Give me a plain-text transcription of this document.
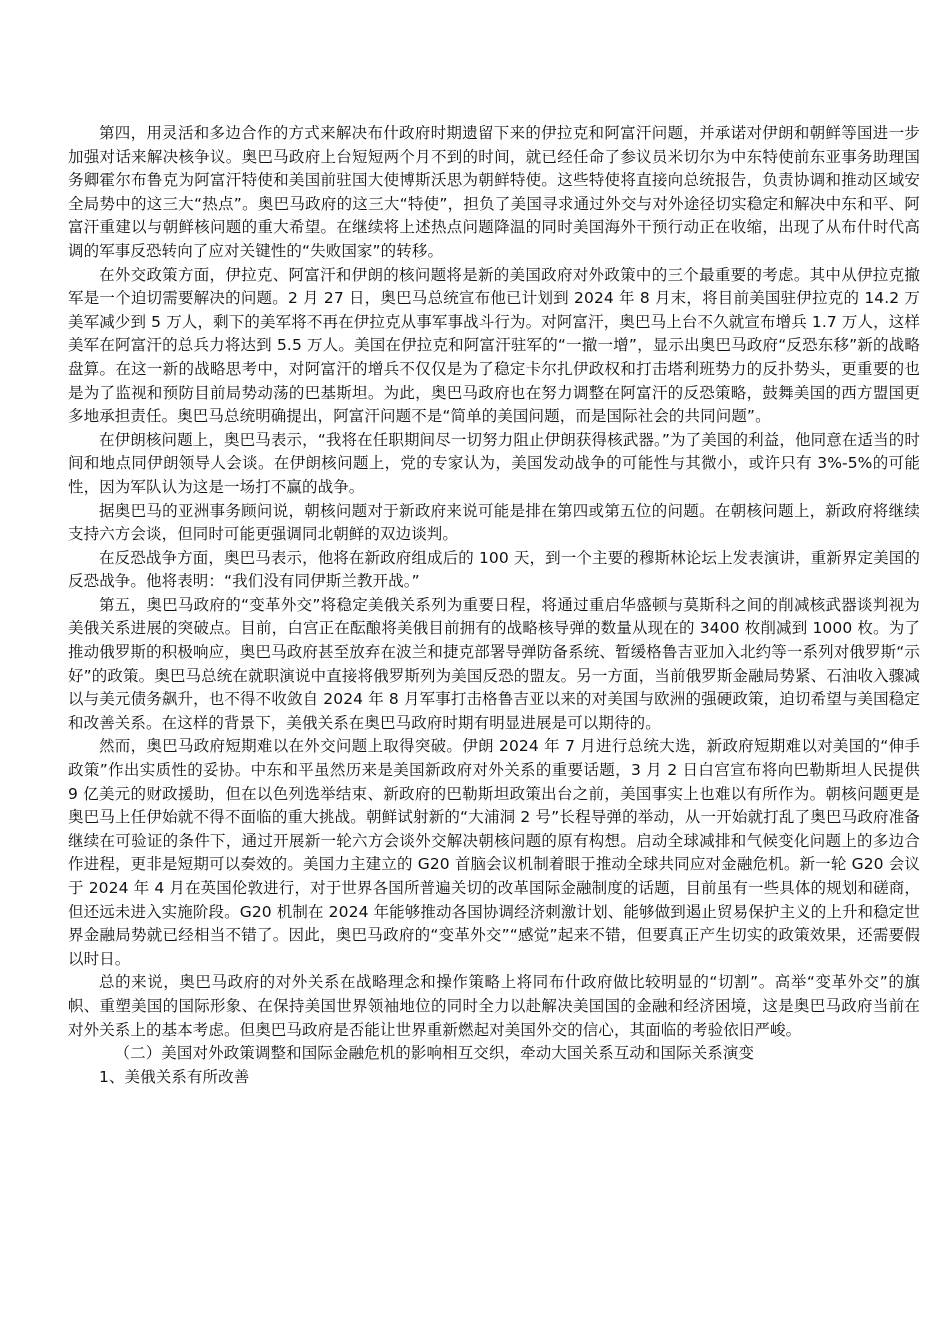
第四，用灵活和多边合作的方式来解决布什政府时期遗留下来的伊拉克和阿富汗问题，并承诺对伊朗和朝鲜等国进一步加强对话来解决核争议。奥巴马政府上台短短两个月不到的时间，就已经任命了参议员米切尔为中东特使前东亚事务助理国务卿霍尔布鲁克为阿富汗特使和美国前驻国大使博斯沃思为朝鲜特使。这些特使将直接向总统报告，负责协调和推动区域安全局势中的这三大“热点”。奥巴马政府的这三大“特使”，担负了美国寻求通过外交与对外途径切实稳定和解决中东和平、阿富汗重建以与朝鲜核问题的重大希望。在继续将上述热点问题降温的同时美国海外干预行动正在收缩，出现了从布什时代高调的军事反恐转向了应对关键性的“失败国家”的转移。

在外交政策方面，伊拉克、阿富汗和伊朗的核问题将是新的美国政府对外政策中的三个最重要的考虑。其中从伊拉克撤军是一个迫切需要解决的问题。2 月 27 日，奥巴马总统宣布他已计划到 2024 年 8 月末，将目前美国驻伊拉克的 14.2 万美军减少到 5 万人，剩下的美军将不再在伊拉克从事军事战斗行为。对阿富汗，奥巴马上台不久就宣布增兵 1.7 万人，这样美军在阿富汗的总兵力将达到 5.5 万人。美国在伊拉克和阿富汗驻军的“一撤一增”，显示出奥巴马政府“反恐东移”新的战略盘算。在这一新的战略思考中，对阿富汗的增兵不仅仅是为了稳定卡尔扎伊政权和打击塔利班势力的反扑势头，更重要的也是为了监视和预防目前局势动荡的巴基斯坦。为此，奥巴马政府也在努力调整在阿富汗的反恐策略，鼓舞美国的西方盟国更多地承担责任。奥巴马总统明确提出，阿富汗问题不是“简单的美国问题，而是国际社会的共同问题”。

在伊朗核问题上，奥巴马表示，“我将在任职期间尽一切努力阻止伊朗获得核武器。”为了美国的利益，他同意在适当的时间和地点同伊朗领导人会谈。在伊朗核问题上，党的专家认为，美国发动战争的可能性与其微小，或许只有 3%-5%的可能性，因为军队认为这是一场打不赢的战争。

据奥巴马的亚洲事务顾问说，朝核问题对于新政府来说可能是排在第四或第五位的问题。在朝核问题上，新政府将继续支持六方会谈，但同时可能更强调同北朝鲜的双边谈判。

在反恐战争方面，奥巴马表示，他将在新政府组成后的 100 天，到一个主要的穆斯林论坛上发表演讲，重新界定美国的反恐战争。他将表明：“我们没有同伊斯兰教开战。”

第五，奥巴马政府的“变革外交”将稳定美俄关系列为重要日程，将通过重启华盛顿与莫斯科之间的削减核武器谈判视为美俄关系进展的突破点。目前，白宫正在酝酿将美俄目前拥有的战略核导弹的数量从现在的 3400 枚削减到 1000 枚。为了推动俄罗斯的积极响应，奥巴马政府甚至放弃在波兰和捷克部署导弹防备系统、暂缓格鲁吉亚加入北约等一系列对俄罗斯“示好”的政策。奥巴马总统在就职演说中直接将俄罗斯列为美国反恐的盟友。另一方面，当前俄罗斯金融局势紧、石油收入骤减以与美元债务飙升，也不得不收敛自 2024 年 8 月军事打击格鲁吉亚以来的对美国与欧洲的强硬政策，迫切希望与美国稳定和改善关系。在这样的背景下，美俄关系在奥巴马政府时期有明显进展是可以期待的。

然而，奥巴马政府短期难以在外交问题上取得突破。伊朗 2024 年 7 月进行总统大选，新政府短期难以对美国的“伸手政策”作出实质性的妥协。中东和平虽然历来是美国新政府对外关系的重要话题，3 月 2 日白宫宣布将向巴勒斯坦人民提供 9 亿美元的财政援助，但在以色列选举结束、新政府的巴勒斯坦政策出台之前，美国事实上也难以有所作为。朝核问题更是奥巴马上任伊始就不得不面临的重大挑战。朝鲜试射新的“大浦洞 2 号”长程导弹的举动，从一开始就打乱了奥巴马政府准备继续在可验证的条件下，通过开展新一轮六方会谈外交解决朝核问题的原有构想。启动全球减排和气候变化问题上的多边合作进程，更非是短期可以奏效的。美国力主建立的 G20 首脑会议机制着眼于推动全球共同应对金融危机。新一轮 G20 会议于 2024 年 4 月在英国伦敦进行，对于世界各国所普遍关切的改革国际金融制度的话题，目前虽有一些具体的规划和磋商，但还远未进入实施阶段。G20 机制在 2024 年能够推动各国协调经济刺激计划、能够做到遏止贸易保护主义的上升和稳定世界金融局势就已经相当不错了。因此，奥巴马政府的“变革外交”“感觉”起来不错，但要真正产生切实的政策效果，还需要假以时日。

总的来说，奥巴马政府的对外关系在战略理念和操作策略上将同布什政府做比较明显的“切割”。高举“变革外交”的旗帜、重塑美国的国际形象、在保持美国世界领袖地位的同时全力以赴解决美国国的金融和经济困境，这是奥巴马政府当前在对外关系上的基本考虑。但奥巴马政府是否能让世界重新燃起对美国外交的信心，其面临的考验依旧严峻。

（二）美国对外政策调整和国际金融危机的影响相互交织，牵动大国关系互动和国际关系演变

1、美俄关系有所改善
